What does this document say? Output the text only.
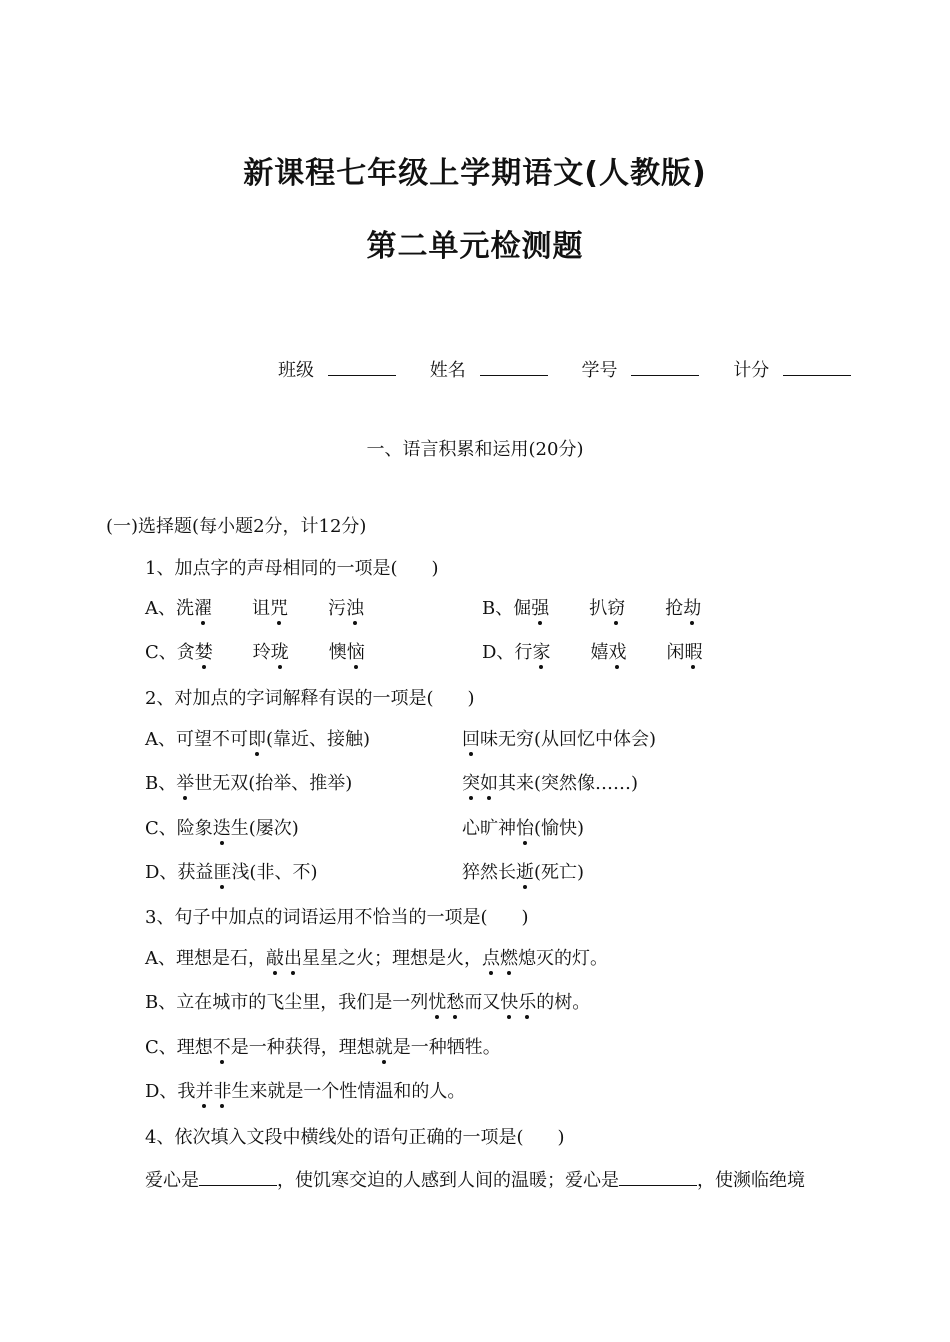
新课程七年级上学期语文(人教版)
第二单元检测题
班级	姓名	学号	计分
一、语言积累和运用(20分)
(一)选择题(每小题2分，计12分)
1、加点字的声母相同的一项是( )
A、洗濯 诅咒 污浊	B、倔强 扒窃 抢劫
C、贪婪 玲珑 懊恼	D、行家 嬉戏 闲暇
2、对加点的字词解释有误的一项是( )
A、可望不可即(靠近、接触)	回味无穷(从回忆中体会)
B、举世无双(抬举、推举)	突如其来(突然像……)
C、险象迭生(屡次)	心旷神怡(愉快)
D、获益匪浅(非、不)	猝然长逝(死亡)
3、句子中加点的词语运用不恰当的一项是( )
A、理想是石，敲出星星之火；理想是火，点燃熄灭的灯。
B、立在城市的飞尘里，我们是一列忧愁而又快乐的树。
C、理想不是一种获得，理想就是一种牺牲。
D、我并非生来就是一个性情温和的人。
4、依次填入文段中横线处的语句正确的一项是( )
爱心是	，使饥寒交迫的人感到人间的温暖；爱心是	，使濒临绝境
